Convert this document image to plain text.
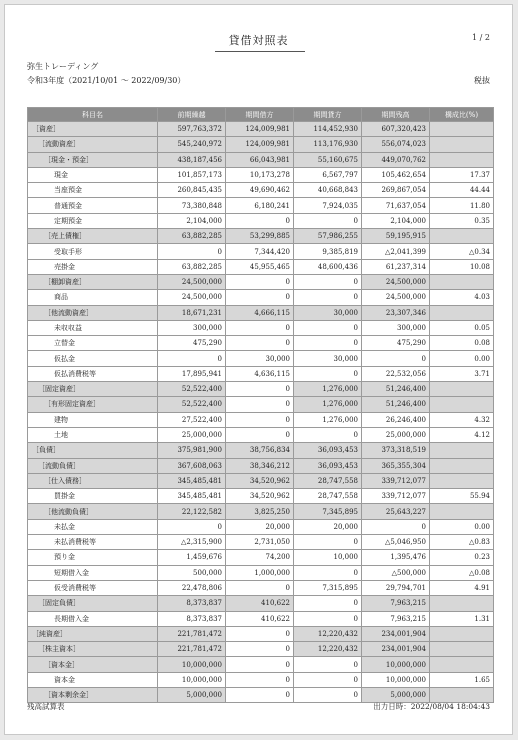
貸借対照表	1 / 2
弥生トレーディング
令和3年度（2021/10/01 ～ 2022/09/30）	税抜
科目名	前期繰越	期間借方	期間貸方	期間残高	構成比(%)
［資産］	597,763,372	124,009,981	114,452,930	607,320,423	
［流動資産］	545,240,972	124,009,981	113,176,930	556,074,023	
［現金・預金］	438,187,456	66,043,981	55,160,675	449,070,762	
現金	101,857,173	10,173,278	6,567,797	105,462,654	17.37
当座預金	260,845,435	49,690,462	40,668,843	269,867,054	44.44
普通預金	73,380,848	6,180,241	7,924,035	71,637,054	11.80
定期預金	2,104,000	0	0	2,104,000	0.35
［売上債権］	63,882,285	53,299,885	57,986,255	59,195,915	
受取手形	0	7,344,420	9,385,819	△2,041,399	△0.34
売掛金	63,882,285	45,955,465	48,600,436	61,237,314	10.08
［棚卸資産］	24,500,000	0	0	24,500,000	
商品	24,500,000	0	0	24,500,000	4.03
［他流動資産］	18,671,231	4,666,115	30,000	23,307,346	
未収収益	300,000	0	0	300,000	0.05
立替金	475,290	0	0	475,290	0.08
仮払金	0	30,000	30,000	0	0.00
仮払消費税等	17,895,941	4,636,115	0	22,532,056	3.71
［固定資産］	52,522,400	0	1,276,000	51,246,400	
［有形固定資産］	52,522,400	0	1,276,000	51,246,400	
建物	27,522,400	0	1,276,000	26,246,400	4.32
土地	25,000,000	0	0	25,000,000	4.12
［負債］	375,981,900	38,756,834	36,093,453	373,318,519	
［流動負債］	367,608,063	38,346,212	36,093,453	365,355,304	
［仕入債務］	345,485,481	34,520,962	28,747,558	339,712,077	
買掛金	345,485,481	34,520,962	28,747,558	339,712,077	55.94
［他流動負債］	22,122,582	3,825,250	7,345,895	25,643,227	
未払金	0	20,000	20,000	0	0.00
未払消費税等	△2,315,900	2,731,050	0	△5,046,950	△0.83
預り金	1,459,676	74,200	10,000	1,395,476	0.23
短期借入金	500,000	1,000,000	0	△500,000	△0.08
仮受消費税等	22,478,806	0	7,315,895	29,794,701	4.91
［固定負債］	8,373,837	410,622	0	7,963,215	
長期借入金	8,373,837	410,622	0	7,963,215	1.31
［純資産］	221,781,472	0	12,220,432	234,001,904	
［株主資本］	221,781,472	0	12,220,432	234,001,904	
［資本金］	10,000,000	0	0	10,000,000	
資本金	10,000,000	0	0	10,000,000	1.65
［資本剰余金］	5,000,000	0	0	5,000,000	
残高試算表	出力日時：2022/08/04 18:04:43
